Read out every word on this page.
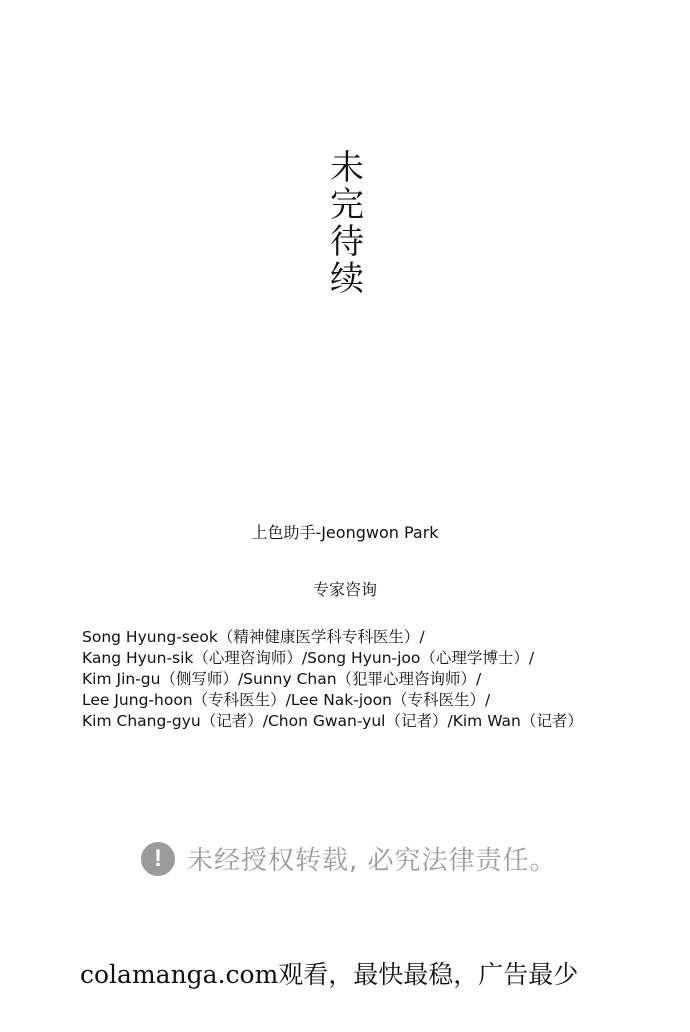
未
完
待
续
上色助手-Jeongwon Park
专家咨询
Song Hyung-seok（精神健康医学科专科医生）/
Kang Hyun-sik（心理咨询师）/Song Hyun-joo（心理学博士）/
Kim Jin-gu（侧写师）/Sunny Chan（犯罪心理咨询师）/
Lee Jung-hoon（专科医生）/Lee Nak-joon（专科医生）/
Kim Chang-gyu（记者）/Chon Gwan-yul（记者）/Kim Wan（记者）
! 未经授权转载, 必究法律责任。
colamanga.com观看，最快最稳，广告最少
